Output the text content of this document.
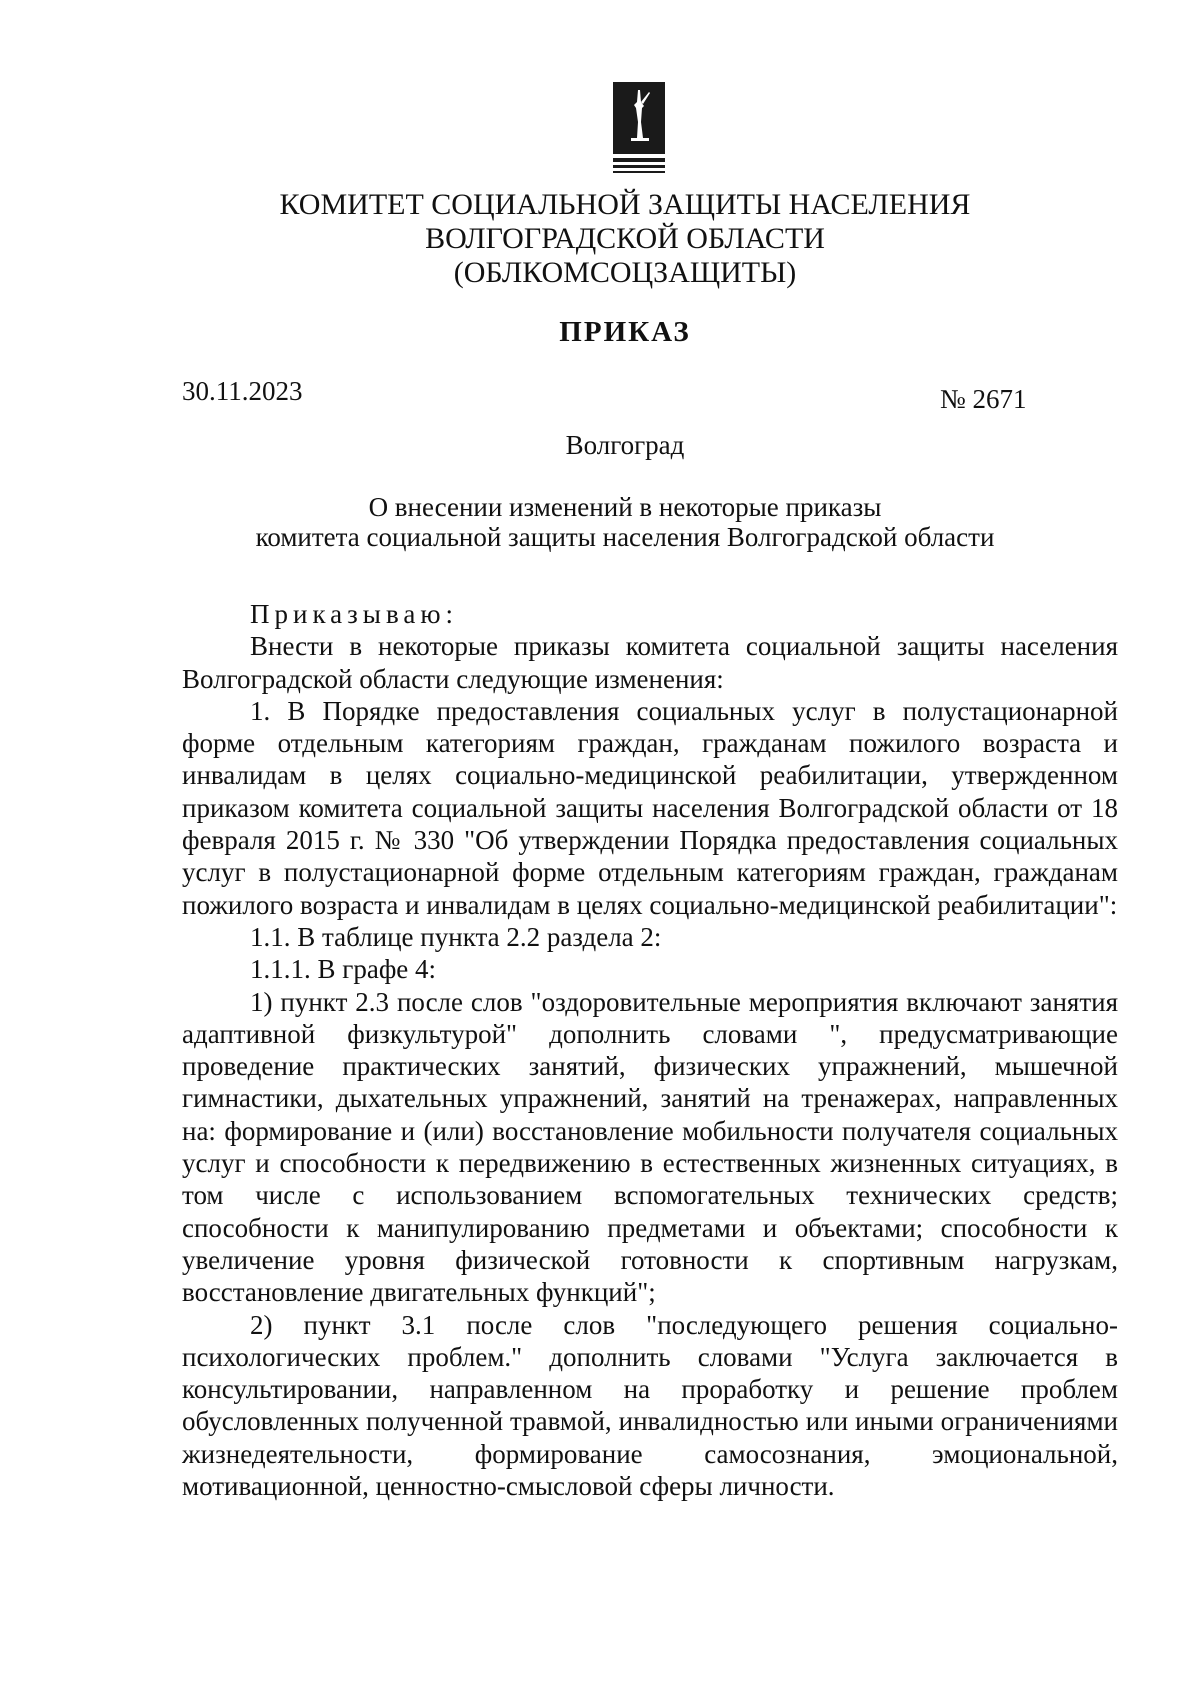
КОМИТЕТ СОЦИАЛЬНОЙ ЗАЩИТЫ НАСЕЛЕНИЯ
ВОЛГОГРАДСКОЙ ОБЛАСТИ
(ОБЛКОМСОЦЗАЩИТЫ)
ПРИКАЗ
30.11.2023	№ 2671
Волгоград
О внесении изменений в некоторые приказы
комитета социальной защиты населения Волгоградской области

Приказываю:

Внести в некоторые приказы комитета социальной защиты населения Волгоградской области следующие изменения:

1. В Порядке предоставления социальных услуг в полустационарной форме отдельным категориям граждан, гражданам пожилого возраста и инвалидам в целях социально-медицинской реабилитации, утвержденном приказом комитета социальной защиты населения Волгоградской области от 18 февраля 2015 г. № 330 "Об утверждении Порядка предоставления социальных услуг в полустационарной форме отдельным категориям граждан, гражданам пожилого возраста и инвалидам в целях социально-медицинской реабилитации":

1.1. В таблице пункта 2.2 раздела 2:

1.1.1. В графе 4:

1) пункт 2.3 после слов "оздоровительные мероприятия включают занятия адаптивной физкультурой" дополнить словами ", предусматривающие проведение практических занятий, физических упражнений, мышечной гимнастики, дыхательных упражнений, занятий на тренажерах, направленных на: формирование и (или) восстановление мобильности получателя социальных услуг и способности к передвижению в естественных жизненных ситуациях, в том числе с использованием вспомогательных технических средств; способности к манипулированию предметами и объектами; способности к увеличение уровня физической готовности к спортивным нагрузкам, восстановление двигательных функций";

2) пункт 3.1 после слов "последующего решения социально-психологических проблем." дополнить словами "Услуга заключается в консультировании, направленном на проработку и решение проблем обусловленных полученной травмой, инвалидностью или иными ограничениями жизнедеятельности, формирование самосознания, эмоциональной, мотивационной, ценностно-смысловой сферы личности.
